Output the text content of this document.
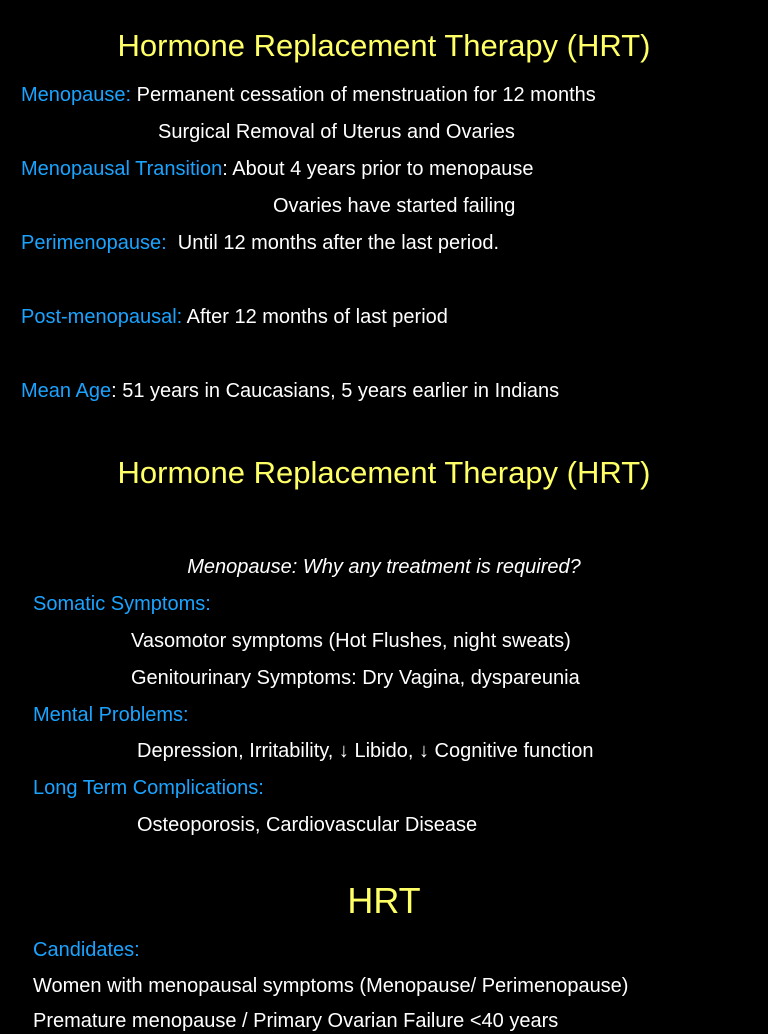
Hormone Replacement Therapy (HRT)
Menopause: Permanent cessation of menstruation for 12 months
Surgical Removal of Uterus and Ovaries
Menopausal Transition: About 4 years prior to menopause
Ovaries have started failing
Perimenopause:  Until 12 months after the last period.
Post-menopausal: After 12 months of last period
Mean Age: 51 years in Caucasians, 5 years earlier in Indians
Hormone Replacement Therapy (HRT)
Menopause: Why any treatment is required?
Somatic Symptoms:
Vasomotor symptoms (Hot Flushes, night sweats)
Genitourinary Symptoms: Dry Vagina, dyspareunia
Mental Problems:
Depression, Irritability, ↓ Libido, ↓ Cognitive function
Long Term Complications:
Osteoporosis, Cardiovascular Disease
HRT
Candidates:
Women with menopausal symptoms (Menopause/ Perimenopause)
Premature menopause / Primary Ovarian Failure <40 years
